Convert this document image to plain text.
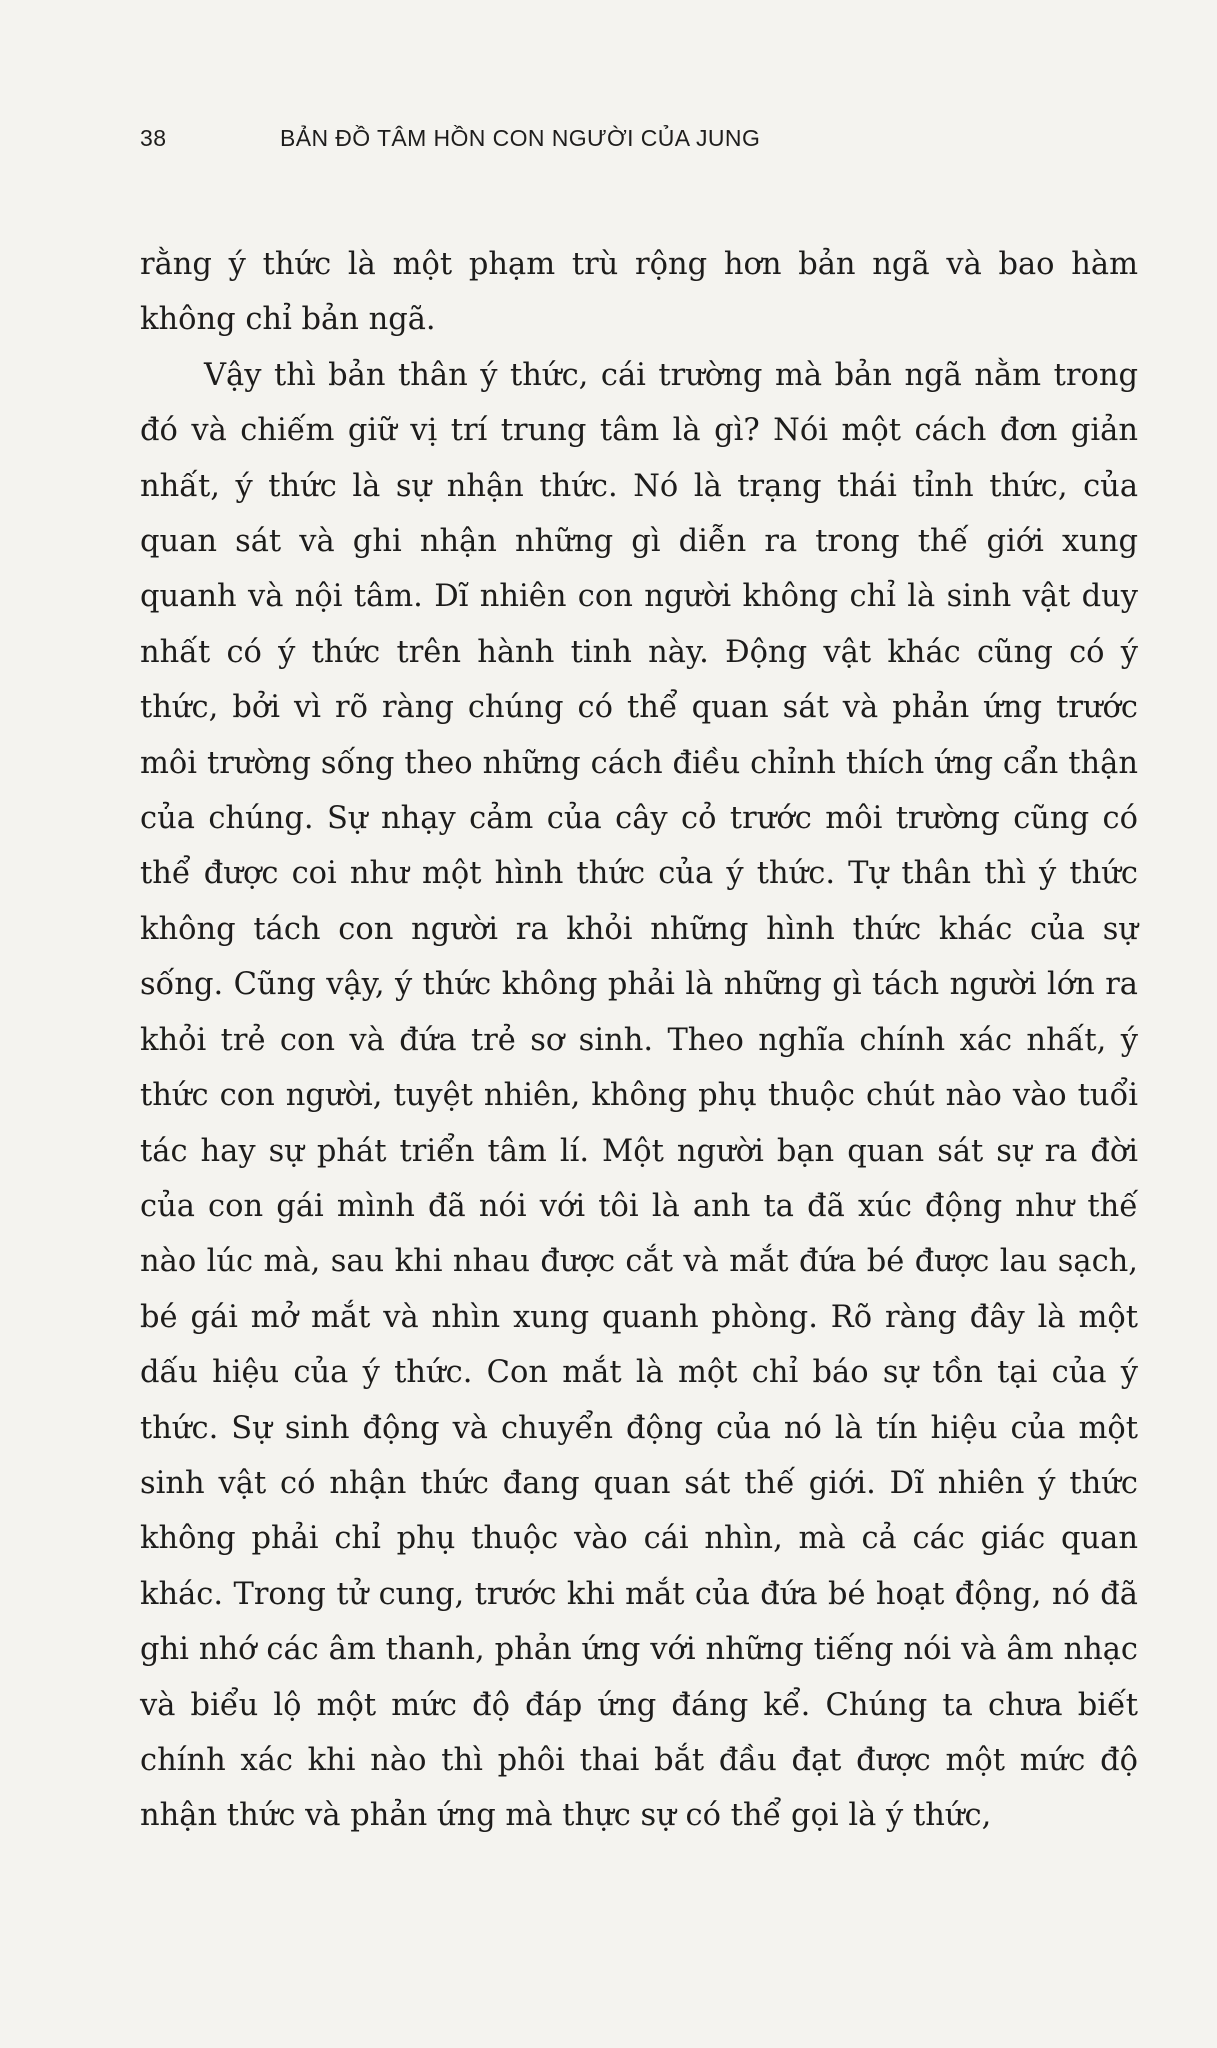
38	BẢN ĐỒ TÂM HỒN CON NGƯỜI CỦA JUNG

rằng ý thức là một phạm trù rộng hơn bản ngã và bao hàm không chỉ bản ngã.

Vậy thì bản thân ý thức, cái trường mà bản ngã nằm trong đó và chiếm giữ vị trí trung tâm là gì? Nói một cách đơn giản nhất, ý thức là sự nhận thức. Nó là trạng thái tỉnh thức, của quan sát và ghi nhận những gì diễn ra trong thế giới xung quanh và nội tâm. Dĩ nhiên con người không chỉ là sinh vật duy nhất có ý thức trên hành tinh này. Động vật khác cũng có ý thức, bởi vì rõ ràng chúng có thể quan sát và phản ứng trước môi trường sống theo những cách điều chỉnh thích ứng cẩn thận của chúng. Sự nhạy cảm của cây cỏ trước môi trường cũng có thể được coi như một hình thức của ý thức. Tự thân thì ý thức không tách con người ra khỏi những hình thức khác của sự sống. Cũng vậy, ý thức không phải là những gì tách người lớn ra khỏi trẻ con và đứa trẻ sơ sinh. Theo nghĩa chính xác nhất, ý thức con người, tuyệt nhiên, không phụ thuộc chút nào vào tuổi tác hay sự phát triển tâm lí. Một người bạn quan sát sự ra đời của con gái mình đã nói với tôi là anh ta đã xúc động như thế nào lúc mà, sau khi nhau được cắt và mắt đứa bé được lau sạch, bé gái mở mắt và nhìn xung quanh phòng. Rõ ràng đây là một dấu hiệu của ý thức. Con mắt là một chỉ báo sự tồn tại của ý thức. Sự sinh động và chuyển động của nó là tín hiệu của một sinh vật có nhận thức đang quan sát thế giới. Dĩ nhiên ý thức không phải chỉ phụ thuộc vào cái nhìn, mà cả các giác quan khác. Trong tử cung, trước khi mắt của đứa bé hoạt động, nó đã ghi nhớ các âm thanh, phản ứng với những tiếng nói và âm nhạc và biểu lộ một mức độ đáp ứng đáng kể. Chúng ta chưa biết chính xác khi nào thì phôi thai bắt đầu đạt được một mức độ nhận thức và phản ứng mà thực sự có thể gọi là ý thức,
